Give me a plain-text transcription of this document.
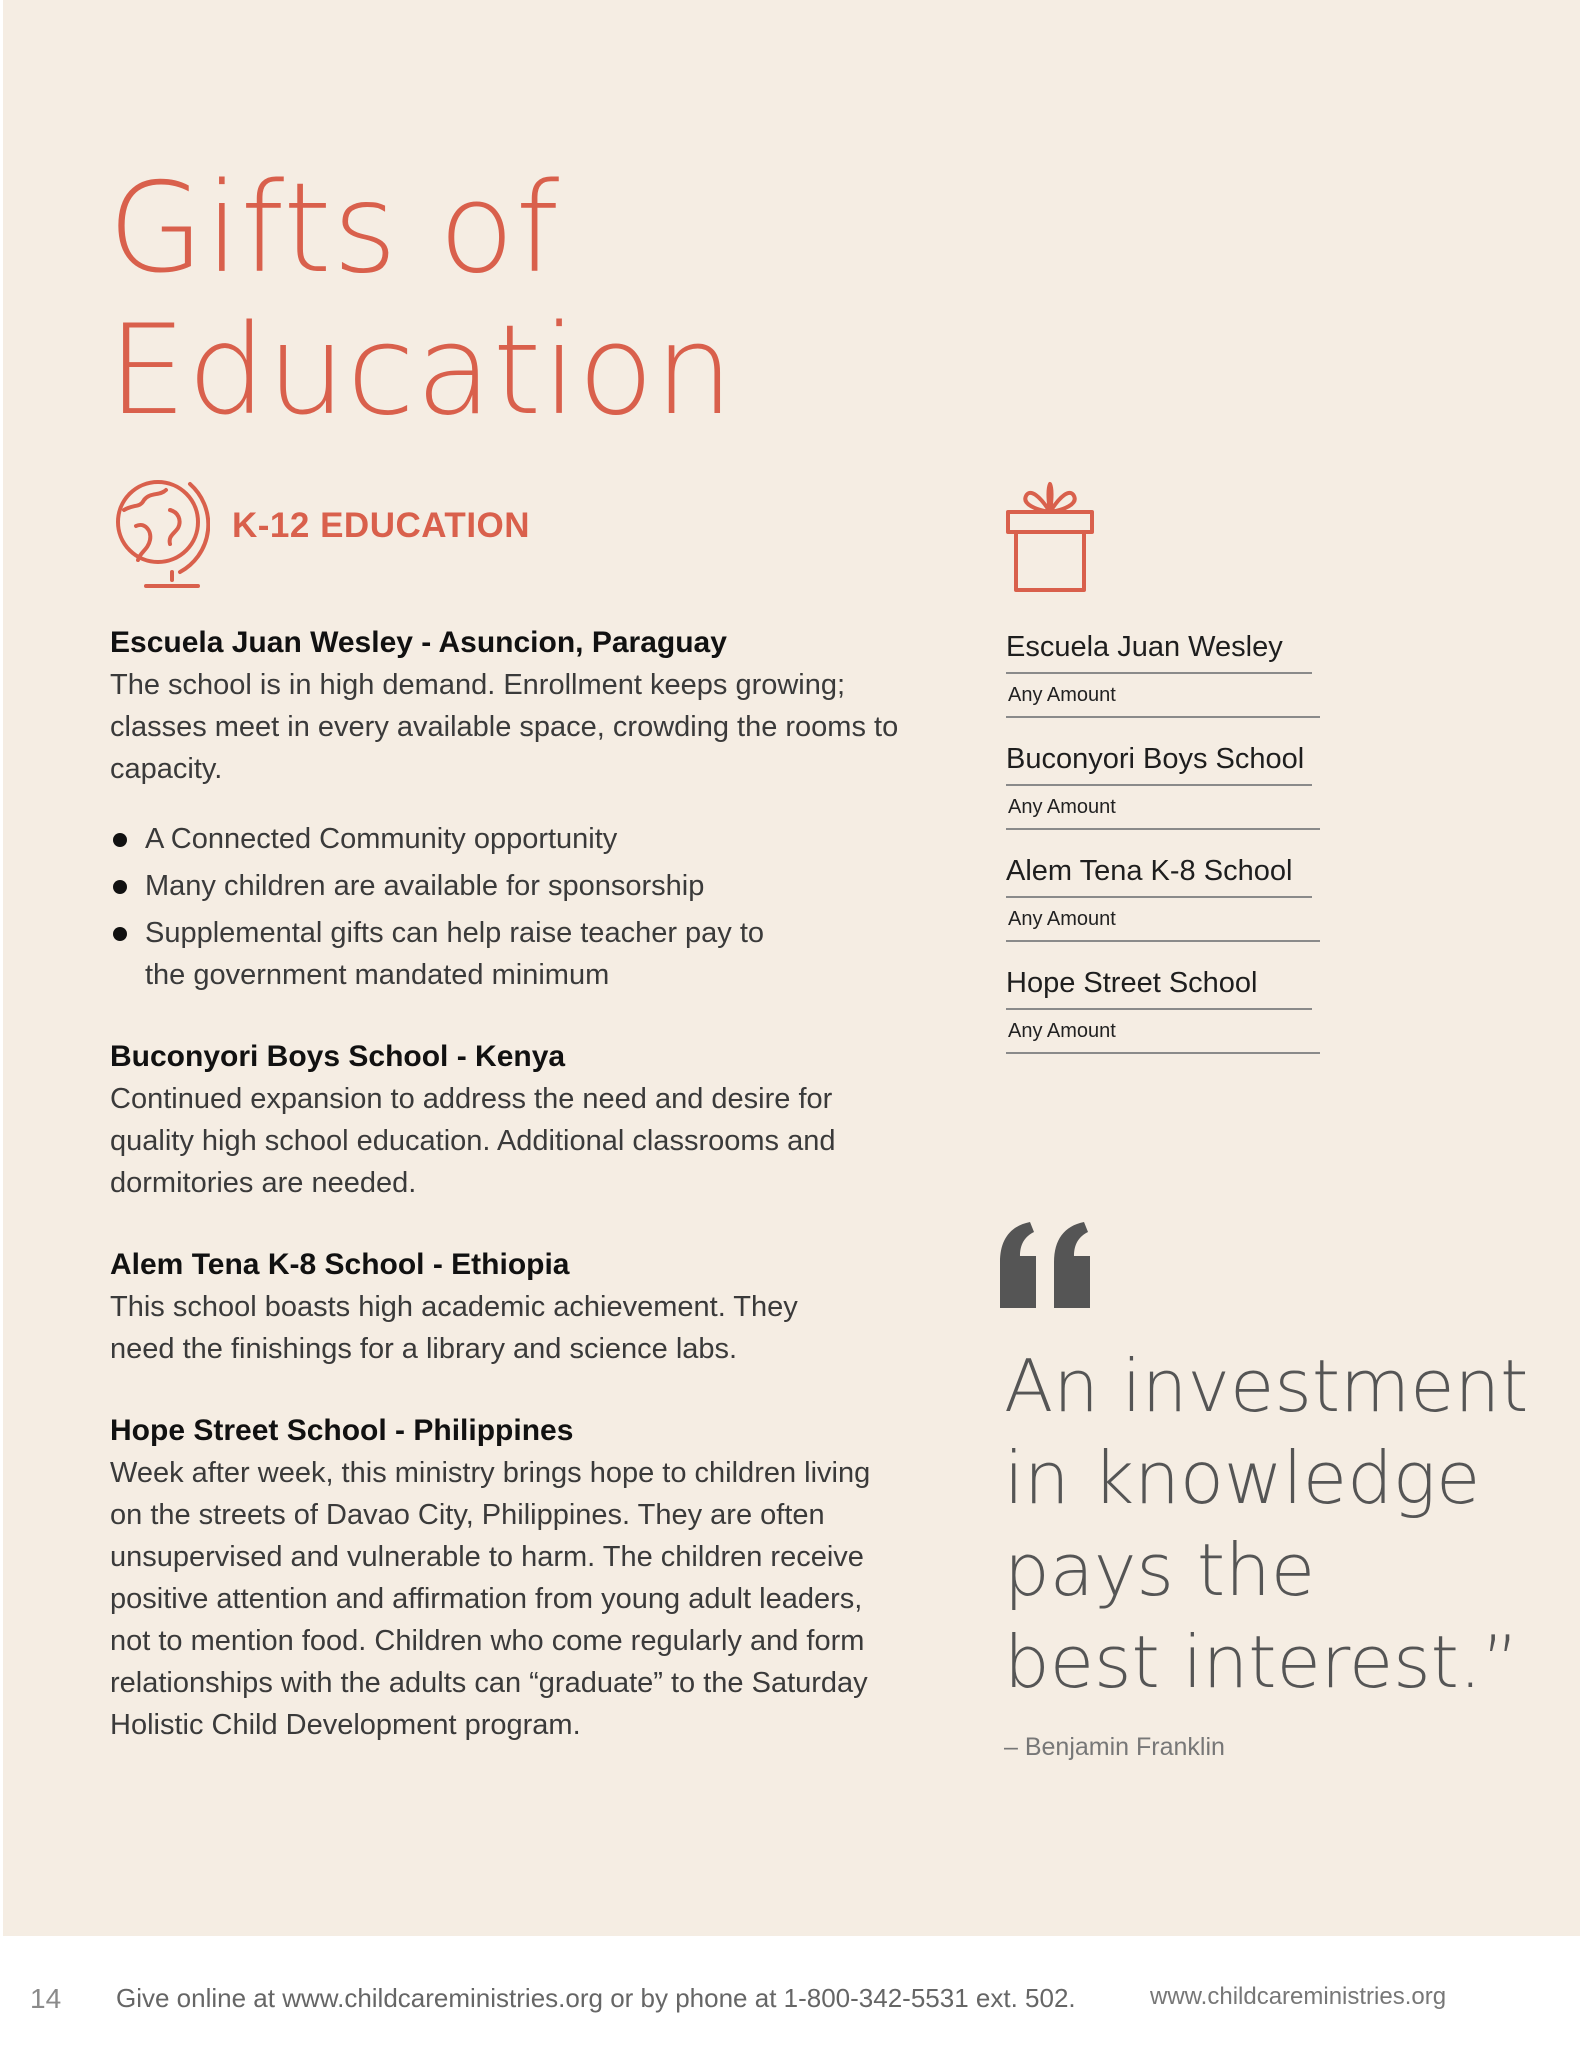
Gifts of
Education
K-12 EDUCATION
Escuela Juan Wesley - Asuncion, Paraguay

The school is in high demand. Enrollment keeps growing; classes meet in every available space, crowding the rooms to capacity.

A Connected Community opportunity
Many children are available for sponsorship
Supplemental gifts can help raise teacher pay to the government mandated minimum
Buconyori Boys School - Kenya

Continued expansion to address the need and desire for quality high school education. Additional classrooms and dormitories are needed.

Alem Tena K-8 School - Ethiopia

This school boasts high academic achievement. They need the finishings for a library and science labs.

Hope Street School - Philippines

Week after week, this ministry brings hope to children living on the streets of Davao City, Philippines. They are often unsupervised and vulnerable to harm. The children receive positive attention and affirmation from young adult leaders, not to mention food. Children who come regularly and form relationships with the adults can “graduate” to the Saturday Holistic Child Development program.

Escuela Juan Wesley
Any Amount
Buconyori Boys School
Any Amount
Alem Tena K-8 School
Any Amount
Hope Street School
Any Amount

An investment
in knowledge
pays the
best interest.”

– Benjamin Franklin
14 Give online at www.childcareministries.org or by phone at 1-800-342-5531 ext. 502.	www.childcareministries.org
